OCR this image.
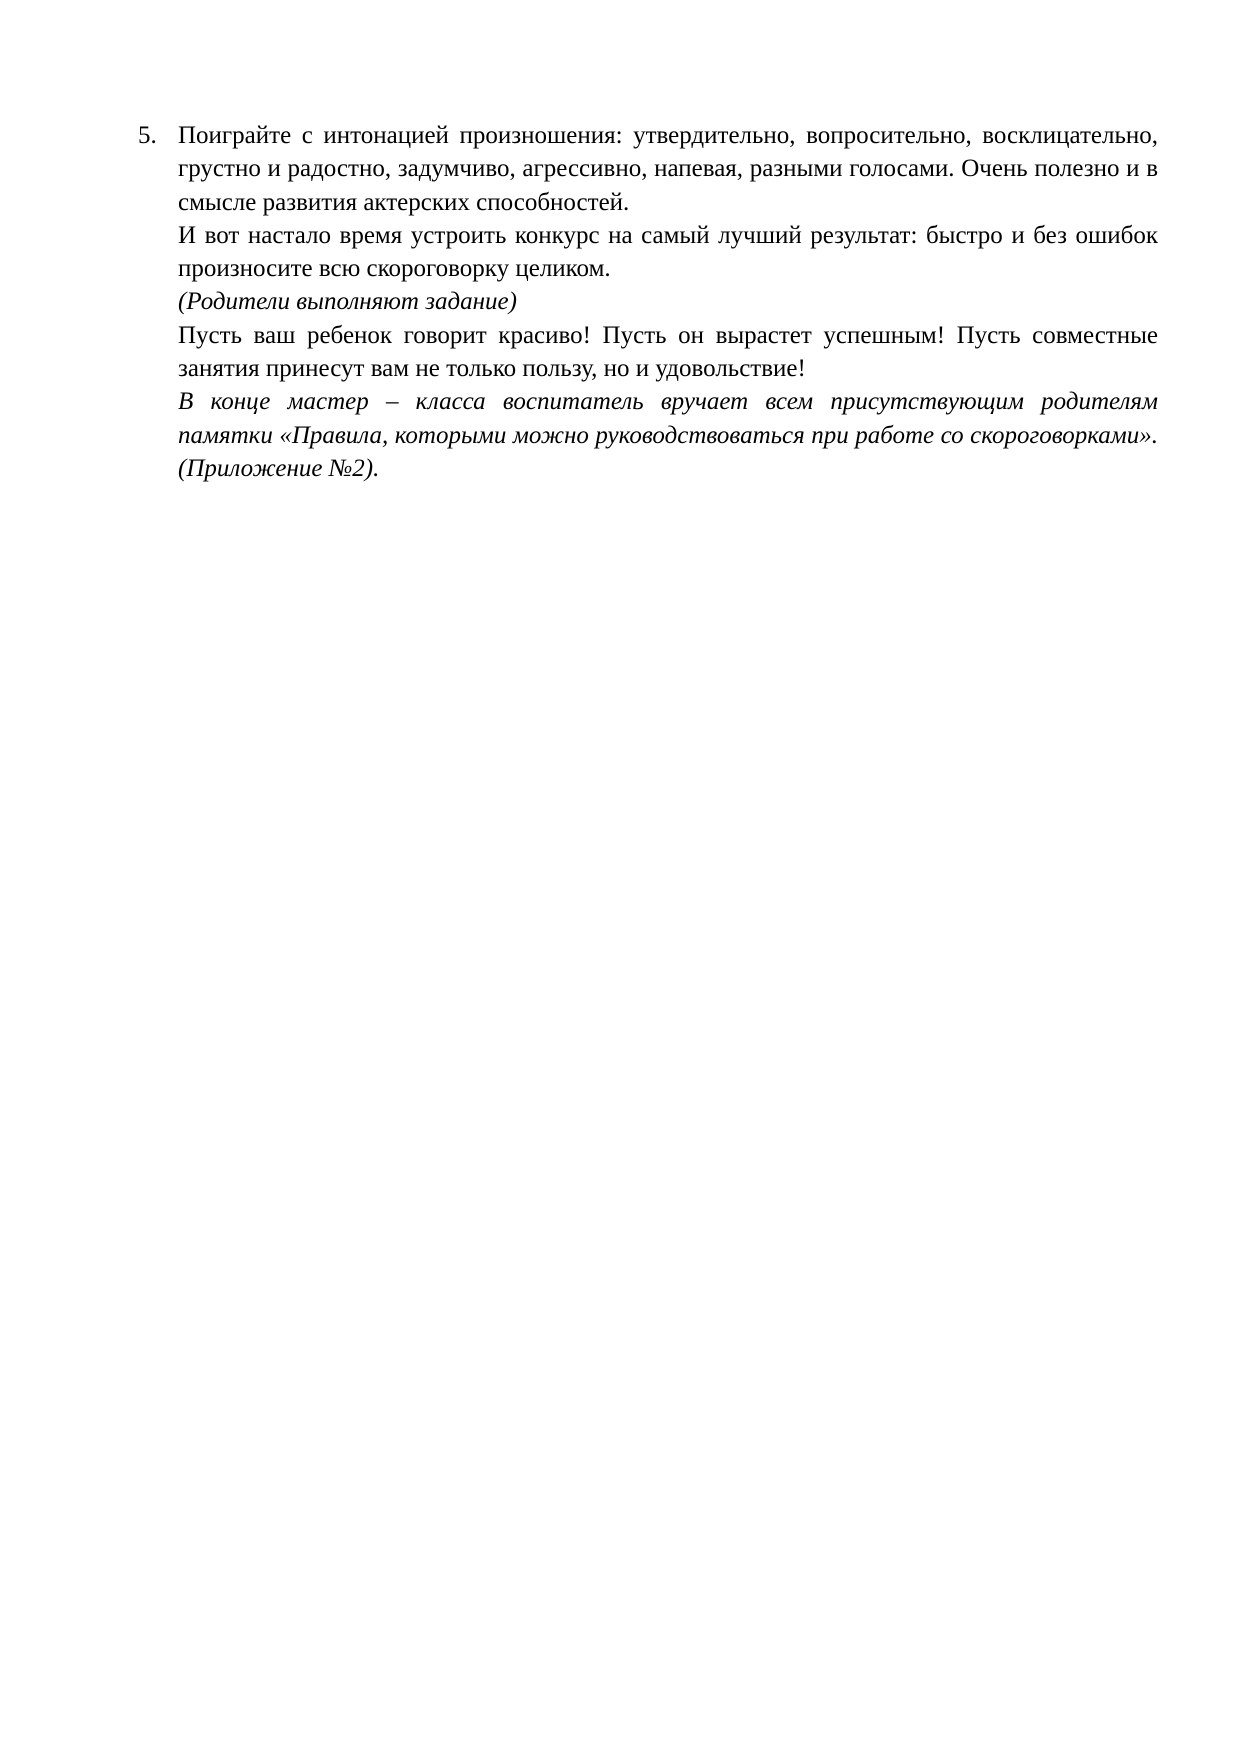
5. Поиграйте с интонацией произношения: утвердительно, вопросительно, восклицательно, грустно и радостно, задумчиво, агрессивно, напевая, разными голосами. Очень полезно и в смысле развития актерских способностей.

И вот настало время устроить конкурс на самый лучший результат: быстро и без ошибок произносите всю скороговорку целиком.

(Родители выполняют задание)

Пусть ваш ребенок говорит красиво! Пусть он вырастет успешным! Пусть совместные занятия принесут вам не только пользу, но и удовольствие!

В конце мастер – класса воспитатель вручает всем присутствующим родителям памятки «Правила, которыми можно руководствоваться при работе со скороговорками». (Приложение №2).
